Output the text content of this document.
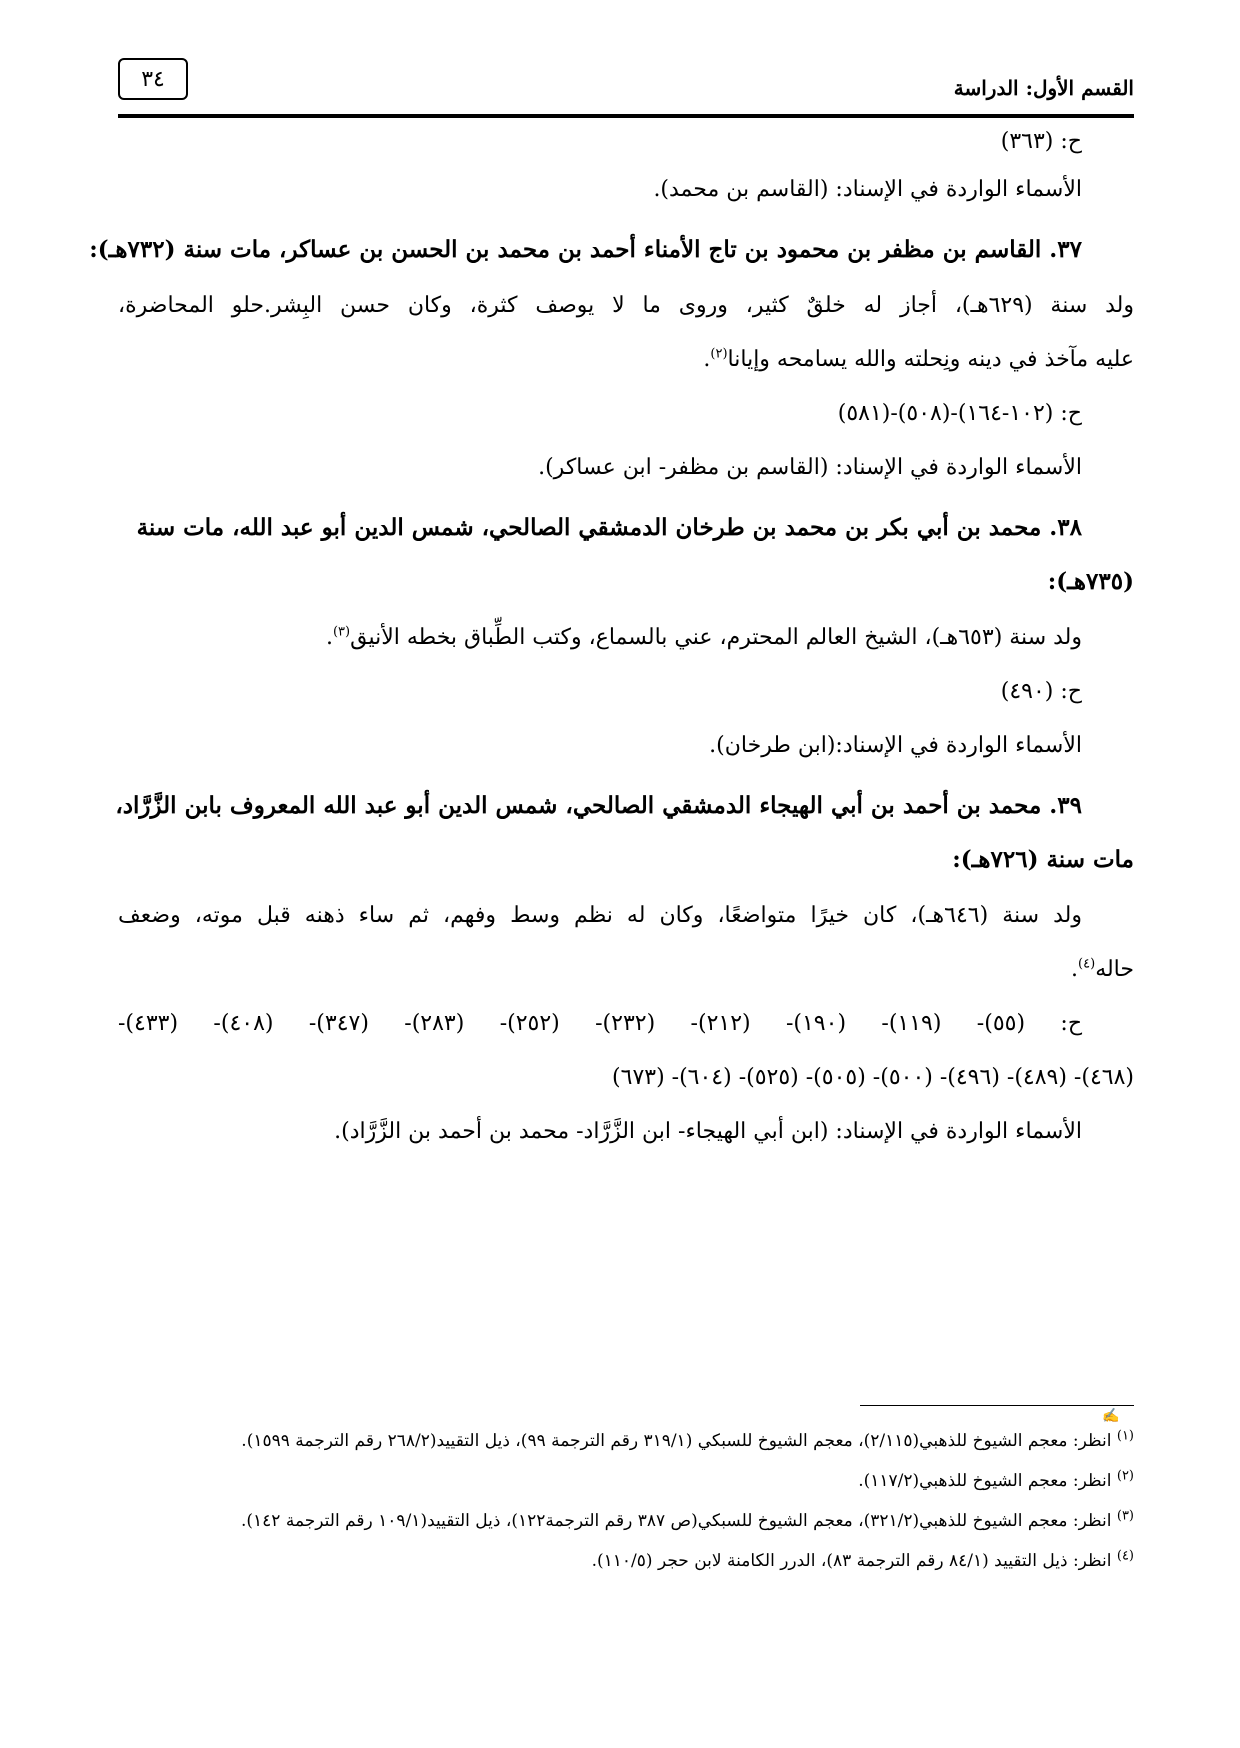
القسم الأول: الدراسة
٣٤
ح: (٣٦٣)
الأسماء الواردة في الإسناد: (القاسم بن محمد).
٣٧. القاسم بن مظفر بن محمود بن تاج الأمناء أحمد بن محمد بن الحسن بن عساكر، مات سنة (٧٣٢هـ):
ولد سنة (٦٢٩هـ)، أجاز له خلقٌ كثير، وروى ما لا يوصف كثرة، وكان حسن البِشر.حلو المحاضرة،
عليه مآخذ في دينه ونِحلته والله يسامحه وإيانا$^{(٢)}$.
ح: (١٠٢-١٦٤)-(٥٠٨)-(٥٨١)
الأسماء الواردة في الإسناد: (القاسم بن مظفر- ابن عساكر).
٣٨. محمد بن أبي بكر بن محمد بن طرخان الدمشقي الصالحي، شمس الدين أبو عبد الله، مات سنة
(٧٣٥هـ):
ولد سنة (٦٥٣هـ)، الشيخ العالم المحترم، عني بالسماع، وكتب الطِّباق بخطه الأنيق$^{(٣)}$.
ح: (٤٩٠)
الأسماء الواردة في الإسناد:(ابن طرخان).
٣٩. محمد بن أحمد بن أبي الهيجاء الدمشقي الصالحي، شمس الدين أبو عبد الله المعروف بابن الزَّرَّاد،
مات سنة (٧٢٦هـ):
ولد سنة (٦٤٦هـ)، كان خيرًا متواضعًا، وكان له نظم وسط وفهم، ثم ساء ذهنه قبل موته، وضعف
حاله$^{(٤)}$.
ح: (٥٥)- (١١٩)- (١٩٠)- (٢١٢)- (٢٣٢)- (٢٥٢)- (٢٨٣)- (٣٤٧)- (٤٠٨)- (٤٣٣)-
(٤٦٨)- (٤٨٩)- (٤٩٦)- (٥٠٠)- (٥٠٥)- (٥٢٥)- (٦٠٤)- (٦٧٣)
الأسماء الواردة في الإسناد: (ابن أبي الهيجاء- ابن الزَّرَّاد- محمد بن أحمد بن الزَّرَّاد).
✍
$^{(١)}$ انظر: معجم الشيوخ للذهبي(٢/١١٥)، معجم الشيوخ للسبكي (٣١٩/١ رقم الترجمة ٩٩)، ذيل التقييد(٢٦٨/٢ رقم الترجمة ١٥٩٩).
$^{(٢)}$ انظر: معجم الشيوخ للذهبي(١١٧/٢).
$^{(٣)}$ انظر: معجم الشيوخ للذهبي(٣٢١/٢)، معجم الشيوخ للسبكي(ص ٣٨٧ رقم الترجمة١٢٢)، ذيل التقييد(١٠٩/١ رقم الترجمة ١٤٢).
$^{(٤)}$ انظر: ذيل التقييد (٨٤/١ رقم الترجمة ٨٣)، الدرر الكامنة لابن حجر (١١٠/٥).
